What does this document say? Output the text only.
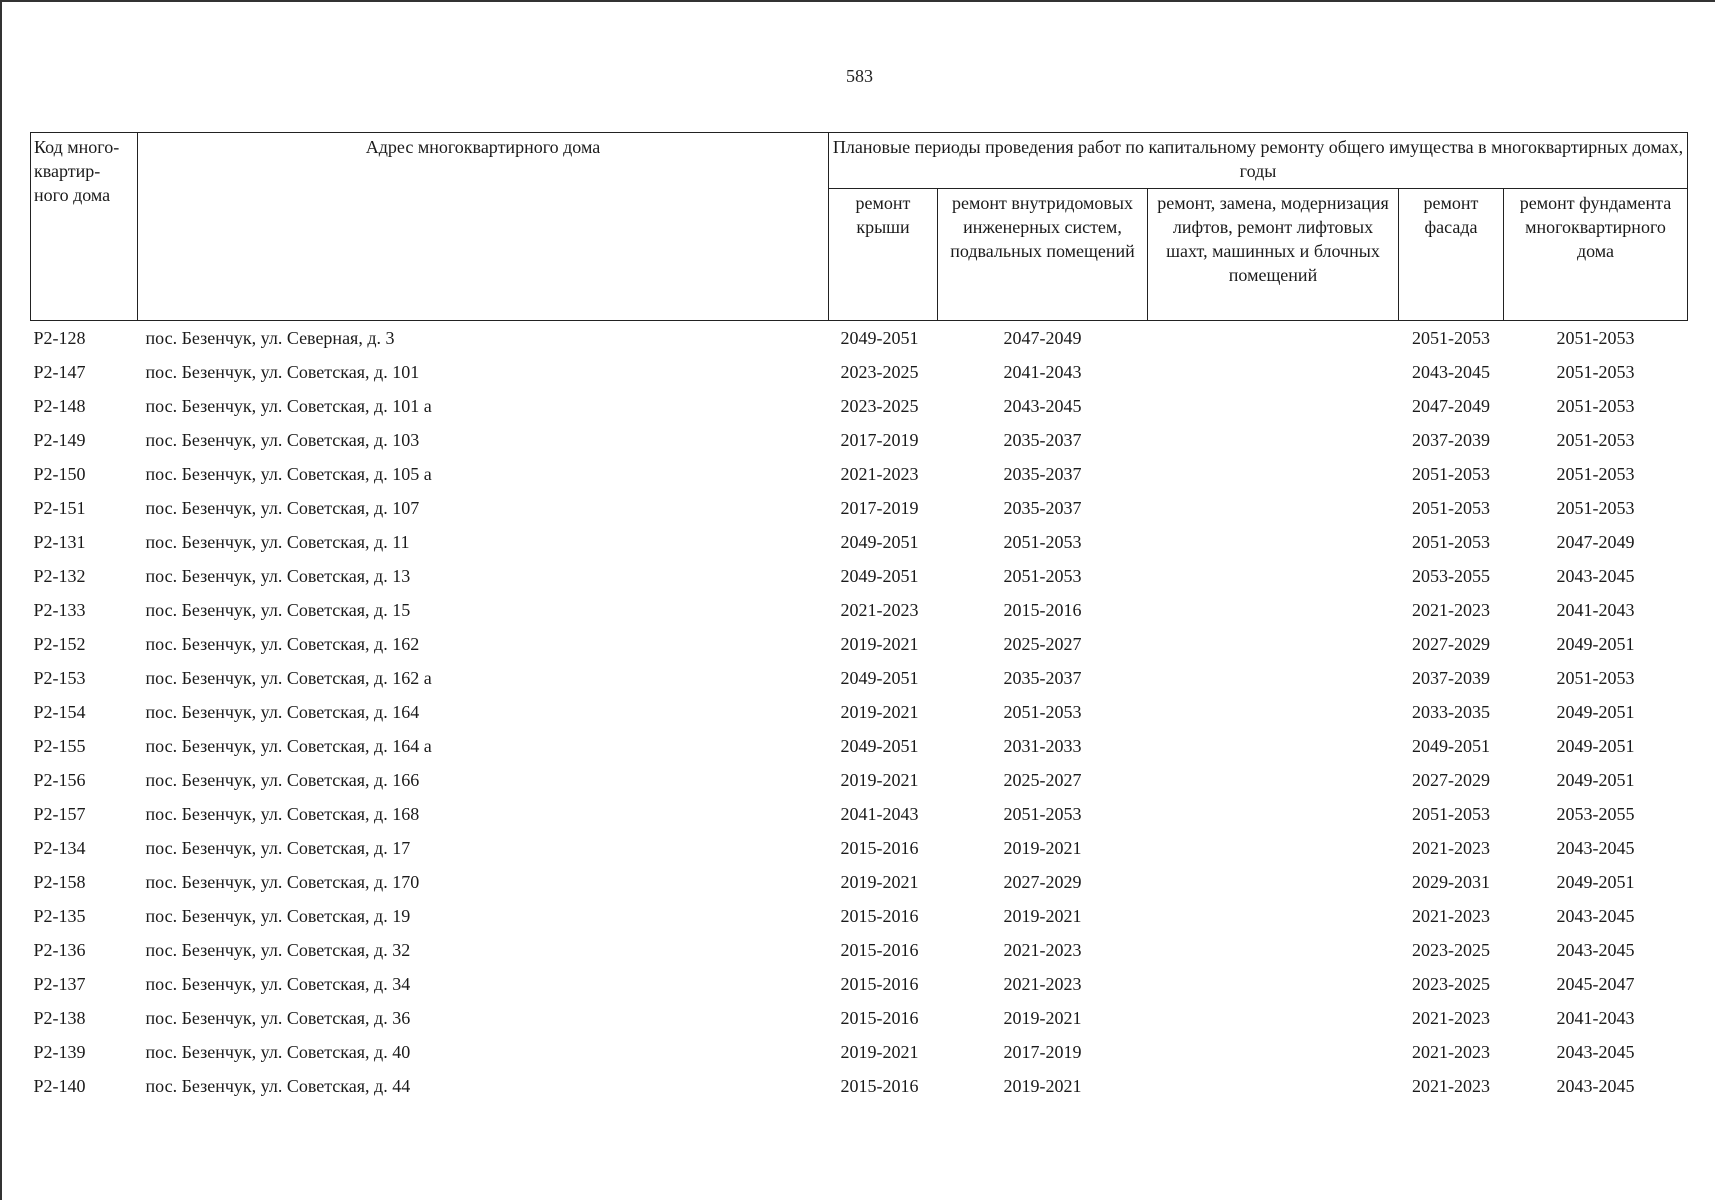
583
Код много-квартир-ного дома	Адрес многоквартирного дома	Плановые периоды проведения работ по капитальному ремонту общего имущества в многоквартирных домах, годы				
		ремонт крыши	ремонт внутридомовых инженерных систем, подвальных помещений	ремонт, замена, модернизация лифтов, ремонт лифтовых шахт, машинных и блочных помещений	ремонт фасада	ремонт фундамента многоквартирного дома
P2-128	пос. Безенчук, ул. Северная, д. 3	2049-2051	2047-2049		2051-2053	2051-2053
P2-147	пос. Безенчук, ул. Советская, д. 101	2023-2025	2041-2043		2043-2045	2051-2053
P2-148	пос. Безенчук, ул. Советская, д. 101 а	2023-2025	2043-2045		2047-2049	2051-2053
P2-149	пос. Безенчук, ул. Советская, д. 103	2017-2019	2035-2037		2037-2039	2051-2053
P2-150	пос. Безенчук, ул. Советская, д. 105 а	2021-2023	2035-2037		2051-2053	2051-2053
P2-151	пос. Безенчук, ул. Советская, д. 107	2017-2019	2035-2037		2051-2053	2051-2053
P2-131	пос. Безенчук, ул. Советская, д. 11	2049-2051	2051-2053		2051-2053	2047-2049
P2-132	пос. Безенчук, ул. Советская, д. 13	2049-2051	2051-2053		2053-2055	2043-2045
P2-133	пос. Безенчук, ул. Советская, д. 15	2021-2023	2015-2016		2021-2023	2041-2043
P2-152	пос. Безенчук, ул. Советская, д. 162	2019-2021	2025-2027		2027-2029	2049-2051
P2-153	пос. Безенчук, ул. Советская, д. 162 а	2049-2051	2035-2037		2037-2039	2051-2053
P2-154	пос. Безенчук, ул. Советская, д. 164	2019-2021	2051-2053		2033-2035	2049-2051
P2-155	пос. Безенчук, ул. Советская, д. 164 а	2049-2051	2031-2033		2049-2051	2049-2051
P2-156	пос. Безенчук, ул. Советская, д. 166	2019-2021	2025-2027		2027-2029	2049-2051
P2-157	пос. Безенчук, ул. Советская, д. 168	2041-2043	2051-2053		2051-2053	2053-2055
P2-134	пос. Безенчук, ул. Советская, д. 17	2015-2016	2019-2021		2021-2023	2043-2045
P2-158	пос. Безенчук, ул. Советская, д. 170	2019-2021	2027-2029		2029-2031	2049-2051
P2-135	пос. Безенчук, ул. Советская, д. 19	2015-2016	2019-2021		2021-2023	2043-2045
P2-136	пос. Безенчук, ул. Советская, д. 32	2015-2016	2021-2023		2023-2025	2043-2045
P2-137	пос. Безенчук, ул. Советская, д. 34	2015-2016	2021-2023		2023-2025	2045-2047
P2-138	пос. Безенчук, ул. Советская, д. 36	2015-2016	2019-2021		2021-2023	2041-2043
P2-139	пос. Безенчук, ул. Советская, д. 40	2019-2021	2017-2019		2021-2023	2043-2045
P2-140	пос. Безенчук, ул. Советская, д. 44	2015-2016	2019-2021		2021-2023	2043-2045
